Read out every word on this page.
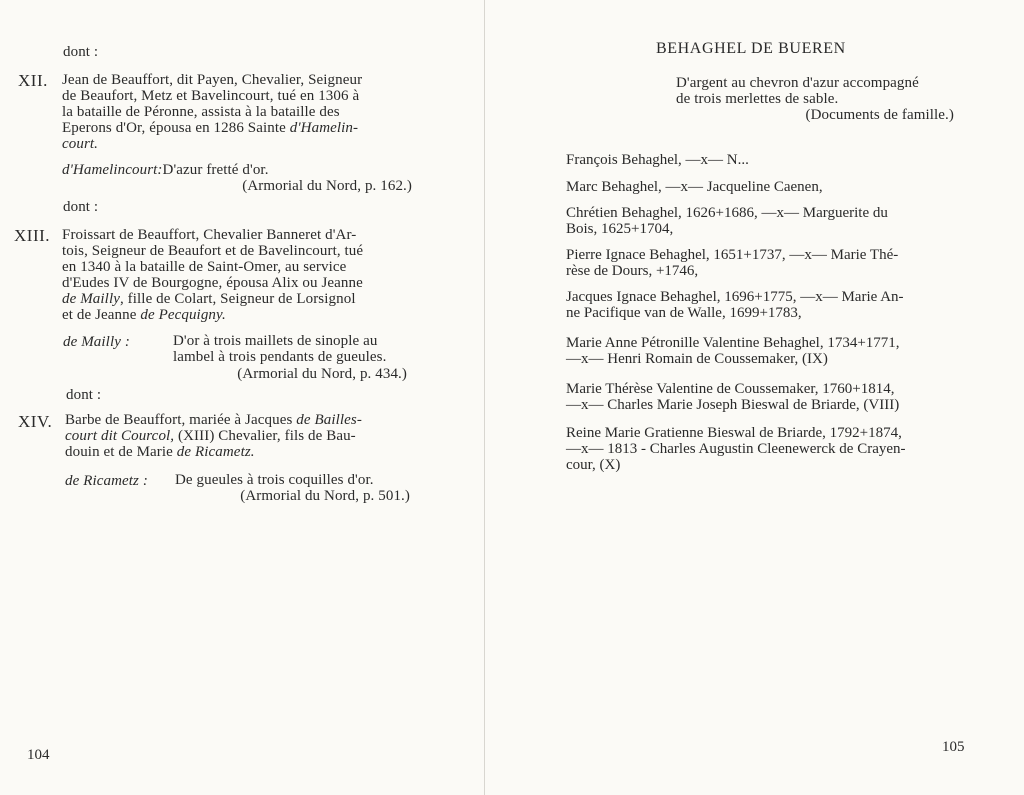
dont :
XII. Jean de Beauffort, dit Payen, Chevalier, Seigneur
de Beaufort, Metz et Bavelincourt, tué en 1306 à
la bataille de Péronne, assista à la bataille des
Eperons d'Or, épousa en 1286 Sainte d'Hamelin-
court.
d'Hamelincourt:D'azur fretté d'or.
(Armorial du Nord, p. 162.)
dont :
XIII. Froissart de Beauffort, Chevalier Banneret d'Ar-
tois, Seigneur de Beaufort et de Bavelincourt, tué
en 1340 à la bataille de Saint-Omer, au service
d'Eudes IV de Bourgogne, épousa Alix ou Jeanne
de Mailly, fille de Colart, Seigneur de Lorsignol
et de Jeanne de Pecquigny.
de Mailly :	D'or à trois maillets de sinople au
lambel à trois pendants de gueules.
(Armorial du Nord, p. 434.)
dont :
XIV. Barbe de Beauffort, mariée à Jacques de Bailles-
court dit Courcol, (XIII) Chevalier, fils de Bau-
douin et de Marie de Ricametz.
de Ricametz : De gueules à trois coquilles d'or.
(Armorial du Nord, p. 501.)
104
BEHAGHEL DE BUEREN
D'argent au chevron d'azur accompagné
de trois merlettes de sable.
(Documents de famille.)
François Behaghel, —x— N...
Marc Behaghel, —x— Jacqueline Caenen,
Chrétien Behaghel, 1626+1686, —x— Marguerite du
Bois, 1625+1704,
Pierre Ignace Behaghel, 1651+1737, —x— Marie Thé-
rèse de Dours, +1746,
Jacques Ignace Behaghel, 1696+1775, —x— Marie An-
ne Pacifique van de Walle, 1699+1783,
Marie Anne Pétronille Valentine Behaghel, 1734+1771,
—x— Henri Romain de Coussemaker, (IX)
Marie Thérèse Valentine de Coussemaker, 1760+1814,
—x— Charles Marie Joseph Bieswal de Briarde, (VIII)
Reine Marie Gratienne Bieswal de Briarde, 1792+1874,
—x— 1813 - Charles Augustin Cleenewerck de Crayen-
cour, (X)
105
